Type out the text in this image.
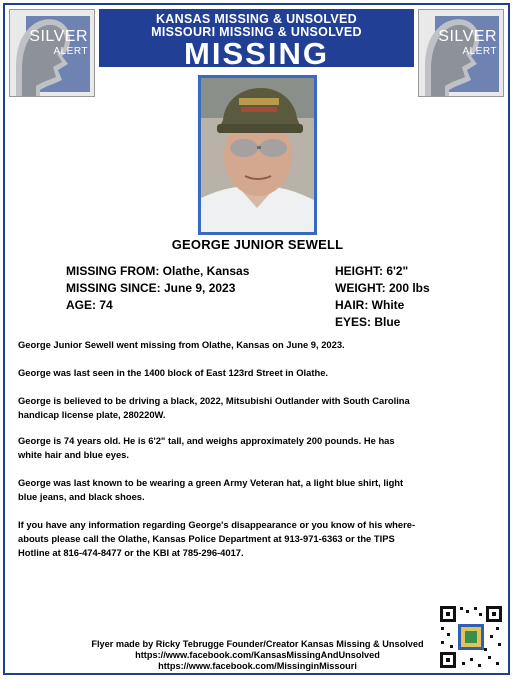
SILVER
ALERT
KANSAS MISSING & UNSOLVED
MISSOURI MISSING & UNSOLVED
MISSING	SILVER
ALERT
GEORGE JUNIOR SEWELL
MISSING FROM: Olathe, Kansas
MISSING SINCE: June 9, 2023
AGE: 74
HEIGHT: 6'2"
WEIGHT: 200 lbs
HAIR: White
EYES: Blue
George Junior Sewell went missing from Olathe, Kansas on June 9, 2023.
George was last seen in the 1400 block of East 123rd Street in Olathe.
George is believed to be driving a black, 2022, Mitsubishi Outlander with South Carolina
handicap license plate, 280220W.
George is 74 years old. He is 6'2" tall, and weighs approximately 200 pounds. He has
white hair and blue eyes.
George was last known to be wearing a green Army Veteran hat, a light blue shirt, light
blue jeans, and black shoes.
If you have any information regarding George's disappearance or you know of his where-
abouts please call the Olathe, Kansas Police Department at 913-971-6363 or the TIPS
Hotline at 816-474-8477 or the KBI at 785-296-4017.
Flyer made by Ricky Tebrugge Founder/Creator Kansas Missing & Unsolved
https://www.facebook.com/KansasMissingAndUnsolved
https://www.facebook.com/MissinginMissouri
